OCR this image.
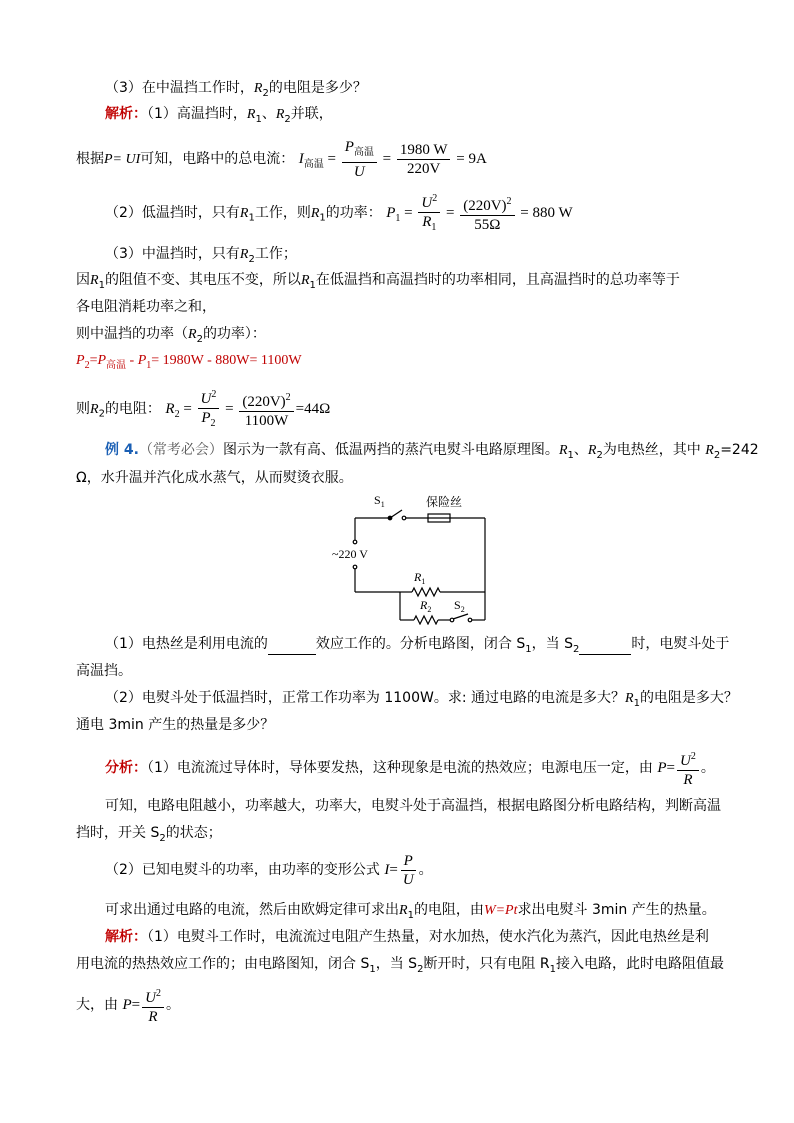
（3）在中温挡工作时，$R_2$的电阻是多少？
解析：（1）高温挡时，$R_1$、$R_2$并联，
根据P= UI可知，电路中的总电流： $I_{高温} = \frac{P_{高温}}{U} = \frac{1980 W}{220V} = 9A$
（2）低温挡时，只有$R_1$工作，则$R_1$的功率： $P_1 = \frac{U^2}{R_1} = \frac{(220V)^2}{55\Omega} = 880$ W
（3）中温挡时，只有$R_2$工作；
因$R_1$的阻值不变、其电压不变，所以$R_1$在低温挡和高温挡时的功率相同，且高温挡时的总功率等于
各电阻消耗功率之和，
则中温挡的功率（$R_2$的功率）：
$P_2=P_{高温} - P_1= 1980W - 880W= 1100W$
则$R_2$的电阻： $R_2 = \frac{U^2}{P_2} = \frac{(220V)^2}{1100W} =44\Omega$
例 4.（常考必会）图示为一款有高、低温两挡的蒸汽电熨斗电路原理图。$R_1$、$R_2$为电热丝，其中 $R_2=242$
Ω，水升温并汽化成水蒸气，从而熨烫衣服。
$S_1$	保险丝
~220 V
$R_1$
$R_2$ $S_2$
（1）电热丝是利用电流的	效应工作的。分析电路图，闭合 $S_1$，当 $S_2$	时，电熨斗处于
高温挡。
（2）电熨斗处于低温挡时，正常工作功率为 1100W。求: 通过电路的电流是多大？$R_1$的电阻是多大？
通电 3min 产生的热量是多少？
分析：（1）电流流过导体时，导体要发热，这种现象是电流的热效应；电源电压一定，由 $P= \frac{U^2}{R}$ 。
可知，电路电阻越小，功率越大，功率大，电熨斗处于高温挡，根据电路图分析电路结构，判断高温
挡时，开关 $S_2$的状态；
（2）已知电熨斗的功率，由功率的变形公式 $I= \frac{P}{U}$ 。
可求出通过电路的电流，然后由欧姆定律可求出$R_1$的电阻，由W=Pt求出电熨斗 3min 产生的热量。
解析：（1）电熨斗工作时，电流流过电阻产生热量，对水加热，使水汽化为蒸汽，因此电热丝是利
用电流的热热效应工作的；由电路图知，闭合 $S_1$，当 $S_2$断开时，只有电阻 $R_1$接入电路，此时电路阻值最
大，由 $P= \frac{U^2}{R}$ 。
